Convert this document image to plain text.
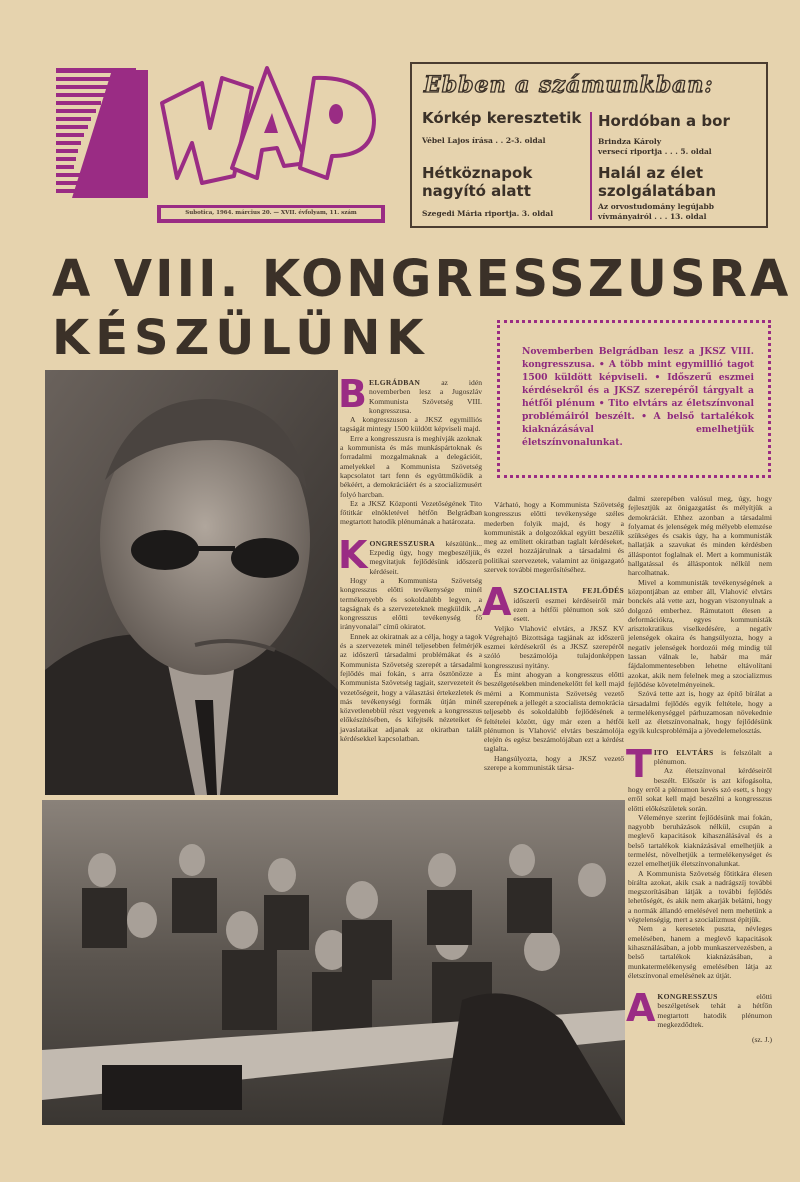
Subotica, 1964. március 20. — XVII. évfolyam, 11. szám
Ebben a számunkban:
Kórkép keresztetik
Vébel Lajos írása . . 2-3. oldal
Hétköznapok nagyító alatt
Szegedi Mária riportja. 3. oldal
Hordóban a bor
Brindza Károly
versecí riportja . . . 5. oldal
Halál az élet szolgálatában
Az orvostudomány legújabb
vívmányairól . . . 13. oldal
A VIII. KONGRESSZUSRA
KÉSZÜLÜNK	Novemberben Belgrádban lesz a JKSZ VIII. kongresszusa. • A több mint egymillió tagot 1500 küldött képviseli. • Időszerű eszmei kérdésekről és a JKSZ szerepéről tárgyalt a hétfői plénum • Tito elvtárs az életszínvonal problémáiról beszélt. • A belső tartalékok kiaknázásával emelhetjük életszínvonalunkat.

BELGRÁDBAN az idén novemberben lesz a Jugoszláv Kommunista Szövetség VIII. kongresszusa.

A kongresszuson a JKSZ egymilliós tagságát mintegy 1500 küldött képviseli majd.

Erre a kongresszusra is meghívják azoknak a kommunista és más munkáspártoknak és forradalmi mozgalmaknak a delegációit, amelyekkel a Kommunista Szövetség kapcsolatot tart fenn és együttműködik a békéért, a demokráciáért és a szocializmusért folyó harcban.

Ez a JKSZ Központi Vezetőségének Tito főtitkár elnökletével hétfőn Belgrádban megtartott hatodik plénumának a határozata.

KONGRESSZUSRA készülünk... Ezpedig úgy, hogy megbeszéljük, megvitatjuk fejlődésünk időszerű kérdéseit.

Hogy a Kommunista Szövetség kongresszus előtti tevékenysége minél termékenyebb és sokoldalúbb legyen, a tagságnak és a szervezeteknek megküldik „A kongresszus előtti tevékenység fő irányvonalai” című okiratot.

Ennek az okiratnak az a célja, hogy a tagok és a szervezetek minél teljesebben felmérjék az időszerű társadalmi problémákat és a Kommunista Szövetség szerepét a társadalmi fejlődés mai fokán, s arra ösztönözze a Kommunista Szövetség tagjait, szervezeteit és vezetőségeit, hogy a választási értekezletek és más tevékenységi formák útján minél közvetlenebbül részt vegyenek a kongresszus előkészítésében, és kifejtsék nézeteiket és javaslataikat adjanak az okiratban talált kérdésekkel kapcsolatban.

Várható, hogy a Kommunista Szövetség kongresszus előtti tevékenysége széles mederben folyik majd, és hogy a kommunisták a dolgozókkal együtt beszélik meg az említett okiratban taglalt kérdéseket, és ezzel hozzájárulnak a társadalmi és politikai szervezetek, valamint az önigazgató szervek további megerősítéséhez.

ASZOCIALISTA FEJLŐDÉS időszerű eszmei kérdéseiről már ezen a hétfői plénumon sok szó esett.

Veljko Vlahović elvtárs, a JKSZ KV Végrehajtó Bizottsága tagjának az időszerű eszmei kérdésekről és a JKSZ szerepéről szóló beszámolója tulajdonképpen kongresszusi nyitány.

És mint ahogyan a kongresszus előtti beszélgetésekben mindenekelőtt fel kell majd mérni a Kommunista Szövetség vezető szerepének a jellegét a szocialista demokrácia teljesebb és sokoldalúbb fejlődésének a feltételei között, úgy már ezen a hétfői plénumon is Vlahović elvtárs beszámolója elején és egész beszámolójában ezt a kérdést taglalta.

Hangsúlyozta, hogy a JKSZ vezető szerepe a kommunisták társa-

dalmi szerepében valósul meg, úgy, hogy fejlesztjük az önigazgatást és mélyítjük a demokráciát. Ehhez azonban a társadalmi folyamat és jelenségek még mélyebb elemzése szükséges és csakis úgy, ha a kommunisták hallatják a szavukat és minden kérdésben álláspontot foglalnak el. Mert a kommunisták hallgatással és álláspontok nélkül nem harcolhatnak.

Mivel a kommunisták tevékenységének a központjában az ember áll, Vlahović elvtárs bonckés alá vette azt, hogyan viszonyulnak a dolgozó emberhez. Rámutatott élesen a deformációkra, egyes kommunisták arisztokratikus viselkedésére, a negatív jelenségek okaira és hangsúlyozta, hogy a negatív jelenségek hordozói még mindig túl lassan válnak le, habár ma már fájdalommentesebben lehetne eltávolítani azokat, akik nem felelnek meg a szocializmus fejlődése követelményeinek.

Szóvá tette azt is, hogy az építő bírálat a társadalmi fejlődés egyik feltétele, hogy a termelékenységgel párhuzamosan növekednie kell az életszínvonalnak, hogy fejlődésünk egyik kulcsproblémája a jövedelemelosztás.

TITO ELVTÁRS is felszólalt a plénumon.

Az életszínvonal kérdéseiről beszélt. Először is azt kifogásolta, hogy erről a plénumon kevés szó esett, s hogy erről sokat kell majd beszélni a kongresszus előtti előkészületek során.

Véleménye szerint fejlődésünk mai fokán, nagyobb beruházások nélkül, csupán a meglevő kapacitások kihasználásával és a belső tartalékok kiaknázásával emelhetjük a termelést, növelhetjük a termelékenységet és ezzel emelhetjük életszínvonalunkat.

A Kommunista Szövetség főtitkára élesen bírálta azokat, akik csak a nadrágszíj további megszorításában látják a további fejlődés lehetőségét, és akik nem akarják belátni, hogy a normák állandó emelésével nem mehetünk a végtelenségig, mert a szocializmust építjük.

Nem a keresetek puszta, névleges emelésében, hanem a meglevő kapacitások kihasználásában, a jobb munkaszervezésben, a belső tartalékok kiaknázásában, a munkatermelékenység emelésében látja az életszínvonal emelésének az útját.

AKONGRESSZUS előtti beszélgetések tehát a hétfőn megtartott hatodik plénumon megkezdődtek.

(sz. J.)
